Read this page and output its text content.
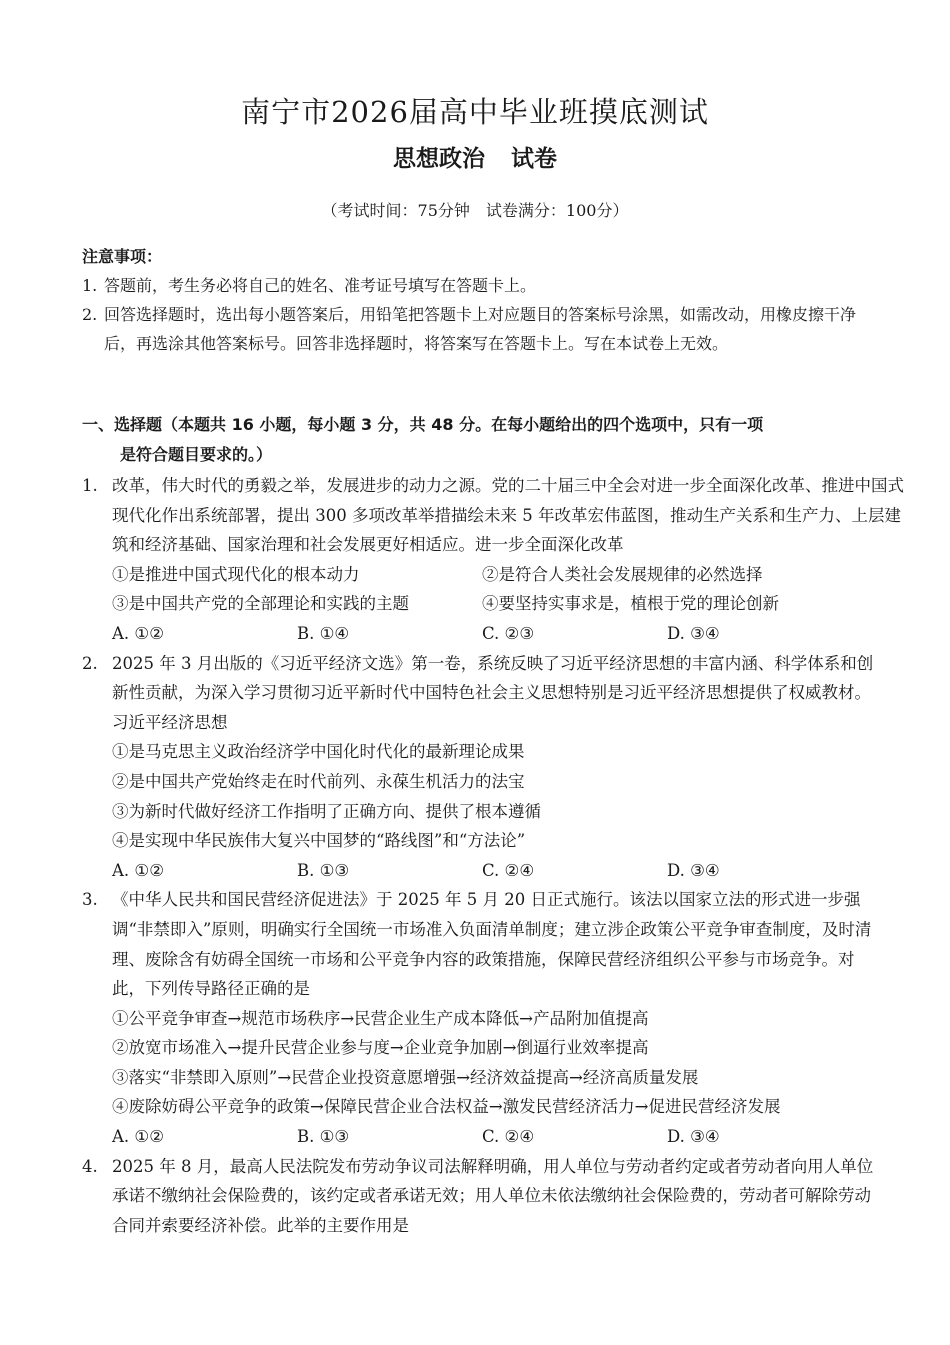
南宁市2026届高中毕业班摸底测试
思想政治 试卷
（考试时间：75分钟　试卷满分：100分）
注意事项：
1. 答题前，考生务必将自己的姓名、准考证号填写在答题卡上。
2. 回答选择题时，选出每小题答案后，用铅笔把答题卡上对应题目的答案标号涂黑，如需改动，用橡皮擦干净后，再选涂其他答案标号。回答非选择题时，将答案写在答题卡上。写在本试卷上无效。
一、选择题（本题共 16 小题，每小题 3 分，共 48 分。在每小题给出的四个选项中，只有一项
是符合题目要求的。）
1. 改革，伟大时代的勇毅之举，发展进步的动力之源。党的二十届三中全会对进一步全面深化改革、推进中国式现代化作出系统部署，提出 300 多项改革举措描绘未来 5 年改革宏伟蓝图，推动生产关系和生产力、上层建筑和经济基础、国家治理和社会发展更好相适应。进一步全面深化改革
①是推进中国式现代化的根本动力	②是符合人类社会发展规律的必然选择
③是中国共产党的全部理论和实践的主题	④要坚持实事求是，植根于党的理论创新
A. ①②	B. ①④	C. ②③	D. ③④
2. 2025 年 3 月出版的《习近平经济文选》第一卷，系统反映了习近平经济思想的丰富内涵、科学体系和创新性贡献，为深入学习贯彻习近平新时代中国特色社会主义思想特别是习近平经济思想提供了权威教材。习近平经济思想
①是马克思主义政治经济学中国化时代化的最新理论成果
②是中国共产党始终走在时代前列、永葆生机活力的法宝
③为新时代做好经济工作指明了正确方向、提供了根本遵循
④是实现中华民族伟大复兴中国梦的“路线图”和“方法论”
A. ①②	B. ①③	C. ②④	D. ③④
3. 《中华人民共和国民营经济促进法》于 2025 年 5 月 20 日正式施行。该法以国家立法的形式进一步强调“非禁即入”原则，明确实行全国统一市场准入负面清单制度；建立涉企政策公平竞争审查制度，及时清理、废除含有妨碍全国统一市场和公平竞争内容的政策措施，保障民营经济组织公平参与市场竞争。对此，下列传导路径正确的是
①公平竞争审查→规范市场秩序→民营企业生产成本降低→产品附加值提高
②放宽市场准入→提升民营企业参与度→企业竞争加剧→倒逼行业效率提高
③落实“非禁即入原则”→民营企业投资意愿增强→经济效益提高→经济高质量发展
④废除妨碍公平竞争的政策→保障民营企业合法权益→激发民营经济活力→促进民营经济发展
A. ①②	B. ①③	C. ②④	D. ③④
4. 2025 年 8 月，最高人民法院发布劳动争议司法解释明确，用人单位与劳动者约定或者劳动者向用人单位承诺不缴纳社会保险费的，该约定或者承诺无效；用人单位未依法缴纳社会保险费的，劳动者可解除劳动合同并索要经济补偿。此举的主要作用是
